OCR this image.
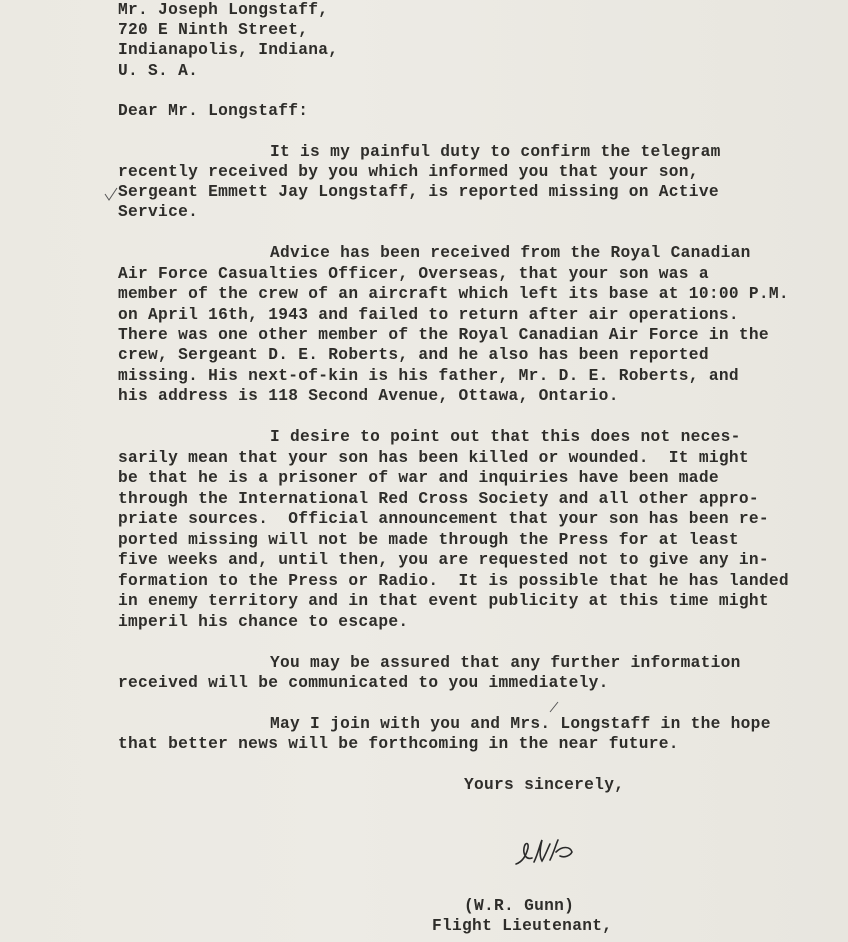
Mr. Joseph Longstaff,
720 E Ninth Street,
Indianapolis, Indiana,
U. S. A.
Dear Mr. Longstaff:
It is my painful duty to confirm the telegram
recently received by you which informed you that your son,
Sergeant Emmett Jay Longstaff, is reported missing on Active
Service.
Advice has been received from the Royal Canadian
Air Force Casualties Officer, Overseas, that your son was a
member of the crew of an aircraft which left its base at 10:00 P.M.
on April 16th, 1943 and failed to return after air operations.
There was one other member of the Royal Canadian Air Force in the
crew, Sergeant D. E. Roberts, and he also has been reported
missing. His next-of-kin is his father, Mr. D. E. Roberts, and
his address is 118 Second Avenue, Ottawa, Ontario.
I desire to point out that this does not neces-
sarily mean that your son has been killed or wounded.  It might
be that he is a prisoner of war and inquiries have been made
through the International Red Cross Society and all other appro-
priate sources.  Official announcement that your son has been re-
ported missing will not be made through the Press for at least
five weeks and, until then, you are requested not to give any in-
formation to the Press or Radio.  It is possible that he has landed
in enemy territory and in that event publicity at this time might
imperil his chance to escape.
You may be assured that any further information
received will be communicated to you immediately.
May I join with you and Mrs. Longstaff in the hope
that better news will be forthcoming in the near future.
Yours sincerely,
(W.R. Gunn)
Flight Lieutenant,
